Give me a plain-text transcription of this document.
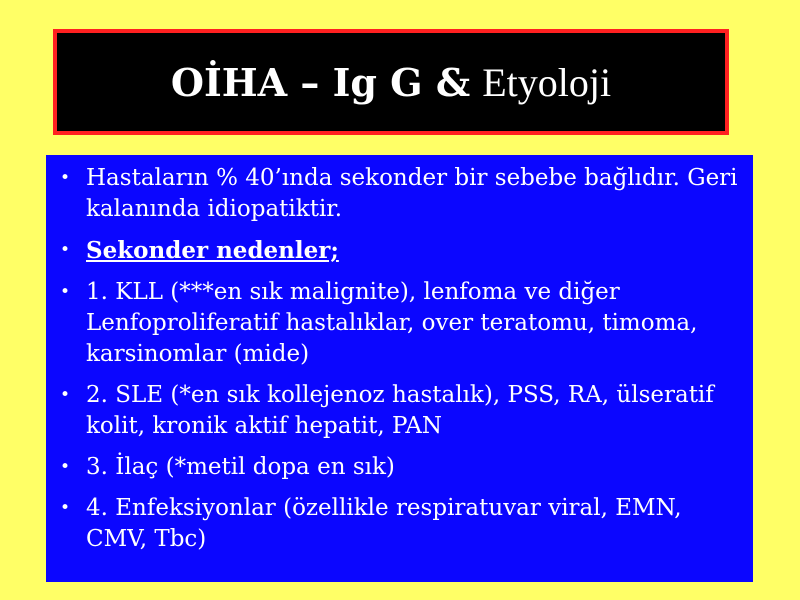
OİHA – Ig G & Etyoloji
• Hastaların % 40’ında sekonder bir sebebe bağlıdır. Geri kalanında idiopatiktir.
• Sekonder nedenler;
• 1. KLL (***en sık malignite), lenfoma ve diğer Lenfoproliferatif hastalıklar, over teratomu, timoma, karsinomlar (mide)
• 2. SLE (*en sık kollejenoz hastalık), PSS, RA, ülseratif kolit, kronik aktif hepatit, PAN
• 3. İlaç (*metil dopa en sık)
• 4. Enfeksiyonlar (özellikle respiratuvar viral, EMN, CMV, Tbc)
